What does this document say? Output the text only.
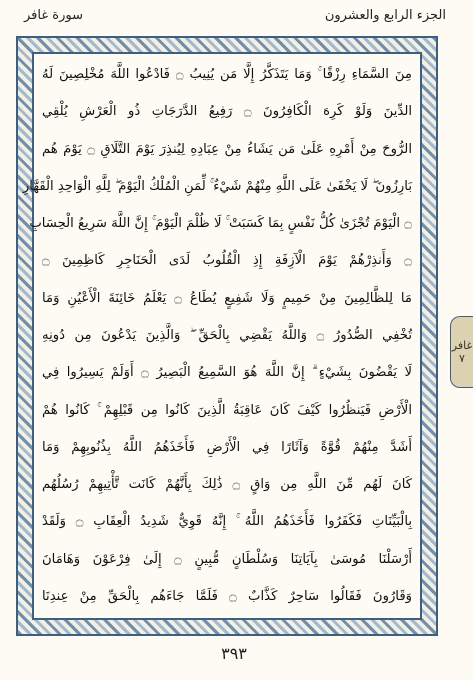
الجزء الرابع والعشرون
سورة غافر
مِنَ السَّمَاءِ رِزْقًا ۚ وَمَا يَتَذَكَّرُ إِلَّا مَن يُنِيبُ ۝ فَادْعُوا اللَّهَ مُخْلِصِينَ لَهُ
الدِّينَ وَلَوْ كَرِهَ الْكَافِرُونَ ۝ رَفِيعُ الدَّرَجَاتِ ذُو الْعَرْشِ يُلْقِي
الرُّوحَ مِنْ أَمْرِهِ عَلَىٰ مَن يَشَاءُ مِنْ عِبَادِهِ لِيُنذِرَ يَوْمَ التَّلَاقِ ۝ يَوْمَ هُم
بَارِزُونَ ۖ لَا يَخْفَىٰ عَلَى اللَّهِ مِنْهُمْ شَيْءٌ ۚ لِّمَنِ الْمُلْكُ الْيَوْمَ ۖ لِلَّهِ الْوَاحِدِ الْقَهَّارِ
۝ الْيَوْمَ تُجْزَىٰ كُلُّ نَفْسٍ بِمَا كَسَبَتْ ۚ لَا ظُلْمَ الْيَوْمَ ۚ إِنَّ اللَّهَ سَرِيعُ الْحِسَابِ
۝ وَأَنذِرْهُمْ يَوْمَ الْآزِفَةِ إِذِ الْقُلُوبُ لَدَى الْحَنَاجِرِ كَاظِمِينَ ۝
مَا لِلظَّالِمِينَ مِنْ حَمِيمٍ وَلَا شَفِيعٍ يُطَاعُ ۝ يَعْلَمُ خَائِنَةَ الْأَعْيُنِ وَمَا
تُخْفِي الصُّدُورُ ۝ وَاللَّهُ يَقْضِي بِالْحَقِّ ۖ وَالَّذِينَ يَدْعُونَ مِن دُونِهِ
لَا يَقْضُونَ بِشَيْءٍ ۗ إِنَّ اللَّهَ هُوَ السَّمِيعُ الْبَصِيرُ ۝ أَوَلَمْ يَسِيرُوا فِي
الْأَرْضِ فَيَنظُرُوا كَيْفَ كَانَ عَاقِبَةُ الَّذِينَ كَانُوا مِن قَبْلِهِمْ ۚ كَانُوا هُمْ
أَشَدَّ مِنْهُمْ قُوَّةً وَآثَارًا فِي الْأَرْضِ فَأَخَذَهُمُ اللَّهُ بِذُنُوبِهِمْ وَمَا
كَانَ لَهُم مِّنَ اللَّهِ مِن وَاقٍ ۝ ذَٰلِكَ بِأَنَّهُمْ كَانَت تَّأْتِيهِمْ رُسُلُهُم
بِالْبَيِّنَاتِ فَكَفَرُوا فَأَخَذَهُمُ اللَّهُ ۚ إِنَّهُ قَوِيٌّ شَدِيدُ الْعِقَابِ ۝ وَلَقَدْ
أَرْسَلْنَا مُوسَىٰ بِآيَاتِنَا وَسُلْطَانٍ مُّبِينٍ ۝ إِلَىٰ فِرْعَوْنَ وَهَامَانَ
وَقَارُونَ فَقَالُوا سَاحِرٌ كَذَّابٌ ۝ فَلَمَّا جَاءَهُم بِالْحَقِّ مِنْ عِندِنَا
غافر
٧
٣٩٣
